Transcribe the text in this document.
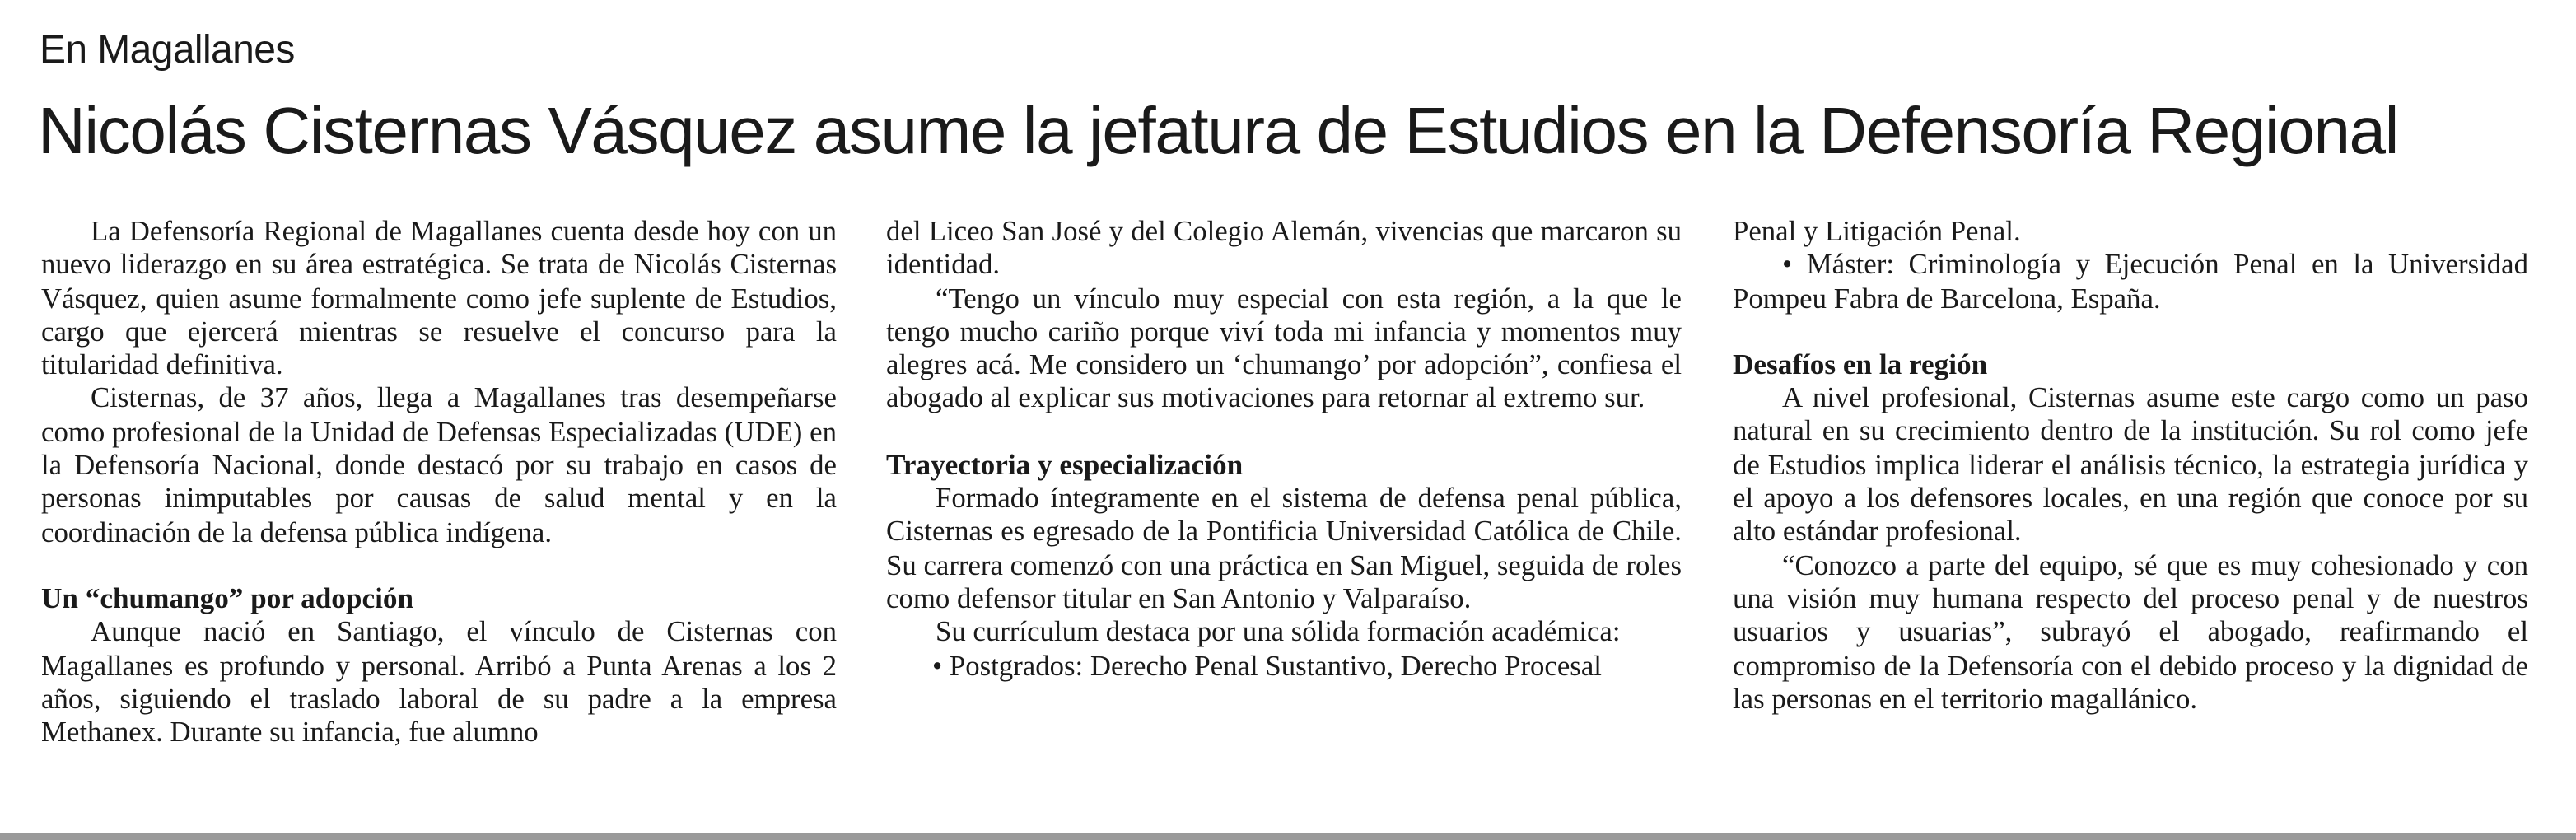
En Magallanes
Nicolás Cisternas Vásquez asume la jefatura de Estudios en la Defensoría Regional

La Defensoría Regional de Magallanes cuenta desde hoy con un nuevo liderazgo en su área estratégica. Se trata de Nicolás Cisternas Vásquez, quien asume formalmente como jefe suplente de Estudios, cargo que ejercerá mientras se resuelve el concurso para la titularidad definitiva.

Cisternas, de 37 años, llega a Magallanes tras desempeñarse como profesional de la Unidad de Defensas Especializadas (UDE) en la Defensoría Nacional, donde destacó por su trabajo en casos de personas inimputables por causas de salud mental y en la coordinación de la defensa pública indígena.

Un “chumango” por adopción

Aunque nació en Santiago, el vínculo de Cisternas con Magallanes es profundo y personal. Arribó a Punta Arenas a los 2 años, siguiendo el traslado laboral de su padre a la empresa Methanex. Durante su infancia, fue alumno

del Liceo San José y del Colegio Alemán, vivencias que marcaron su identidad.

“Tengo un vínculo muy especial con esta región, a la que le tengo mucho cariño porque viví toda mi infancia y momentos muy alegres acá. Me considero un ‘chumango’ por adopción”, confiesa el abogado al explicar sus motivaciones para retornar al extremo sur.

Trayectoria y especialización

Formado íntegramente en el sistema de defensa penal pública, Cisternas es egresado de la Pontificia Universidad Católica de Chile. Su carrera comenzó con una práctica en San Miguel, seguida de roles como defensor titular en San Antonio y Valparaíso.

Su currículum destaca por una sólida formación académica:

• Postgrados: Derecho Penal Sustantivo, Derecho Procesal

Penal y Litigación Penal.

• Máster: Criminología y Ejecución Penal en la Universidad Pompeu Fabra de Barcelona, España.

Desafíos en la región

A nivel profesional, Cisternas asume este cargo como un paso natural en su crecimiento dentro de la institución. Su rol como jefe de Estudios implica liderar el análisis técnico, la estrategia jurídica y el apoyo a los defensores locales, en una región que conoce por su alto estándar profesional.

“Conozco a parte del equipo, sé que es muy cohesionado y con una visión muy humana respecto del proceso penal y de nuestros usuarios y usuarias”, subrayó el abogado, reafirmando el compromiso de la Defensoría con el debido proceso y la dignidad de las personas en el territorio magallánico.
